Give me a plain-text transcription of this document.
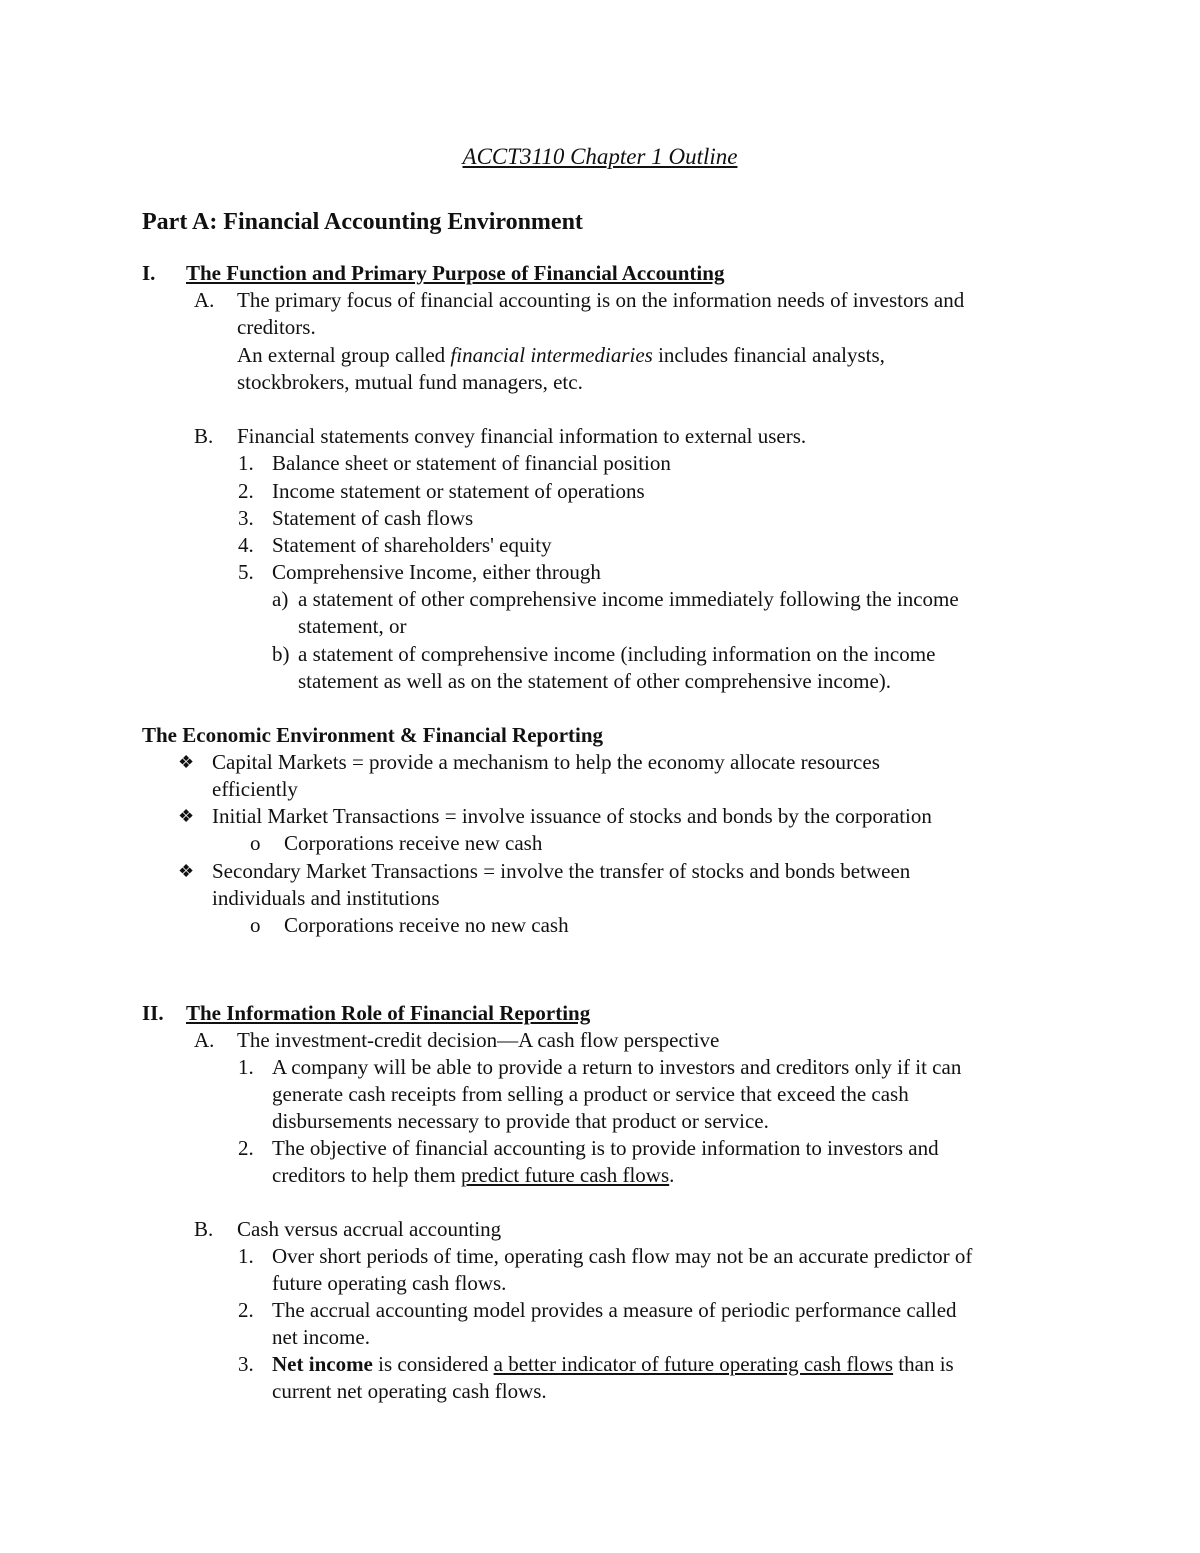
ACCT3110 Chapter 1 Outline
Part A: Financial Accounting Environment
I. The Function and Primary Purpose of Financial Accounting
A. The primary focus of financial accounting is on the information needs of investors and
creditors.
An external group called financial intermediaries includes financial analysts,
stockbrokers, mutual fund managers, etc.
B. Financial statements convey financial information to external users.
1. Balance sheet or statement of financial position
2. Income statement or statement of operations
3. Statement of cash flows
4. Statement of shareholders' equity
5. Comprehensive Income, either through
a) a statement of other comprehensive income immediately following the income
statement, or
b) a statement of comprehensive income (including information on the income
statement as well as on the statement of other comprehensive income).
The Economic Environment & Financial Reporting
❖ Capital Markets = provide a mechanism to help the economy allocate resources
efficiently
❖ Initial Market Transactions = involve issuance of stocks and bonds by the corporation
o Corporations receive new cash
❖ Secondary Market Transactions = involve the transfer of stocks and bonds between
individuals and institutions
o Corporations receive no new cash
II. The Information Role of Financial Reporting
A. The investment-credit decision—A cash flow perspective
1. A company will be able to provide a return to investors and creditors only if it can
generate cash receipts from selling a product or service that exceed the cash
disbursements necessary to provide that product or service.
2. The objective of financial accounting is to provide information to investors and
creditors to help them predict future cash flows.
B. Cash versus accrual accounting
1. Over short periods of time, operating cash flow may not be an accurate predictor of
future operating cash flows.
2. The accrual accounting model provides a measure of periodic performance called
net income.
3. Net income is considered a better indicator of future operating cash flows than is
current net operating cash flows.
